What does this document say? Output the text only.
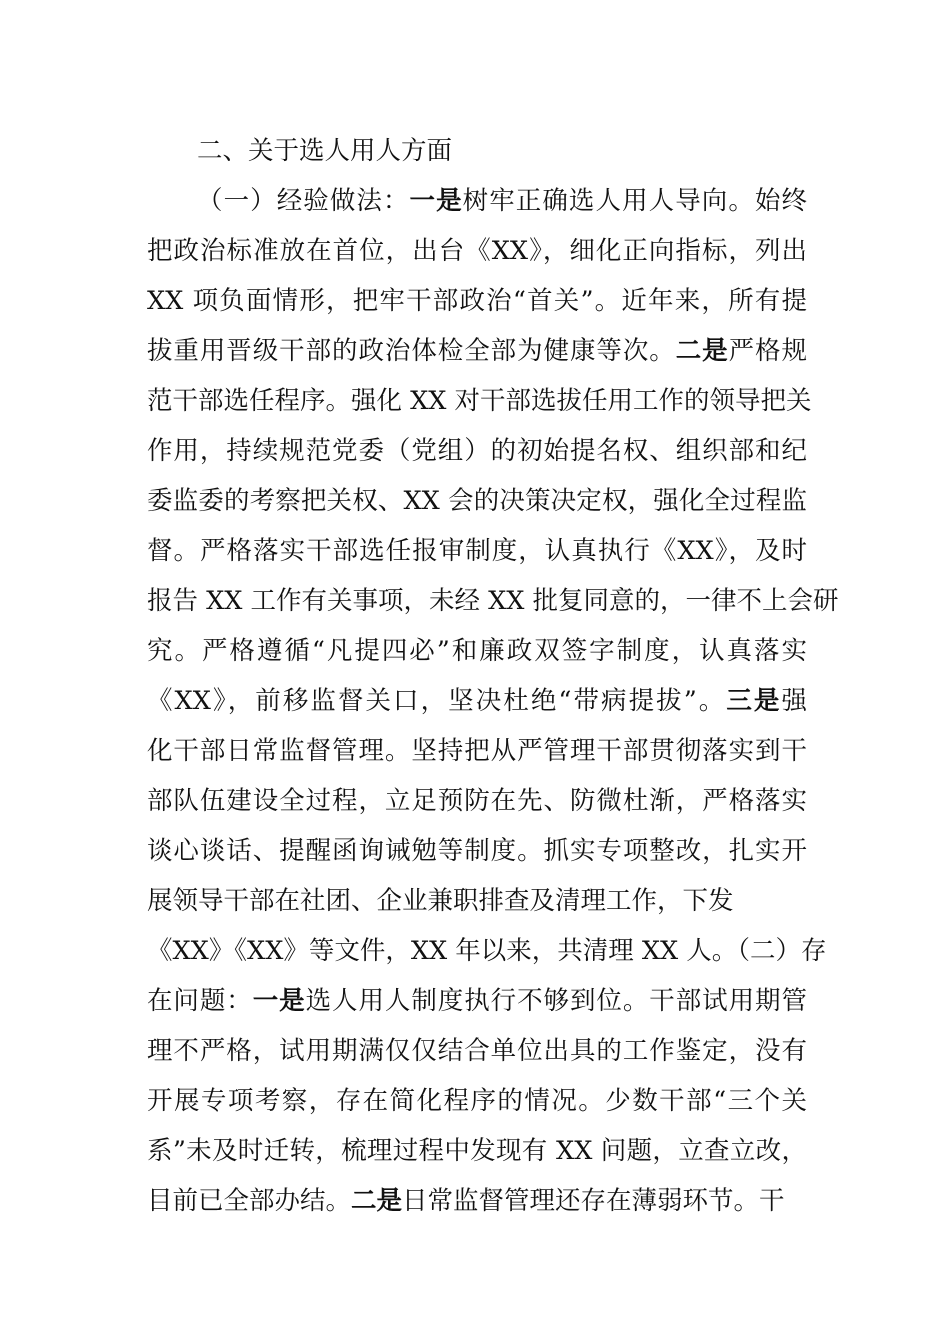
二、关于选人用人方面
（一）经验做法：一是树牢正确选人用人导向。始终
把政治标准放在首位，出台《XX》，细化正向指标，列出
XX 项负面情形，把牢干部政治“首关”。近年来，所有提
拔重用晋级干部的政治体检全部为健康等次。二是严格规
范干部选任程序。强化 XX 对干部选拔任用工作的领导把关
作用，持续规范党委（党组）的初始提名权、组织部和纪
委监委的考察把关权、XX 会的决策决定权，强化全过程监
督。严格落实干部选任报审制度，认真执行《XX》，及时
报告 XX 工作有关事项，未经 XX 批复同意的，一律不上会研
究。严格遵循“凡提四必”和廉政双签字制度，认真落实
《XX》，前移监督关口，坚决杜绝“带病提拔”。三是强
化干部日常监督管理。坚持把从严管理干部贯彻落实到干
部队伍建设全过程，立足预防在先、防微杜渐，严格落实
谈心谈话、提醒函询诫勉等制度。抓实专项整改，扎实开
展领导干部在社团、企业兼职排查及清理工作，下发
《XX》《XX》等文件，XX 年以来，共清理 XX 人。（二）存
在问题：一是选人用人制度执行不够到位。干部试用期管
理不严格，试用期满仅仅结合单位出具的工作鉴定，没有
开展专项考察，存在简化程序的情况。少数干部“三个关
系”未及时迁转，梳理过程中发现有 XX 问题，立查立改，
目前已全部办结。二是日常监督管理还存在薄弱环节。干
